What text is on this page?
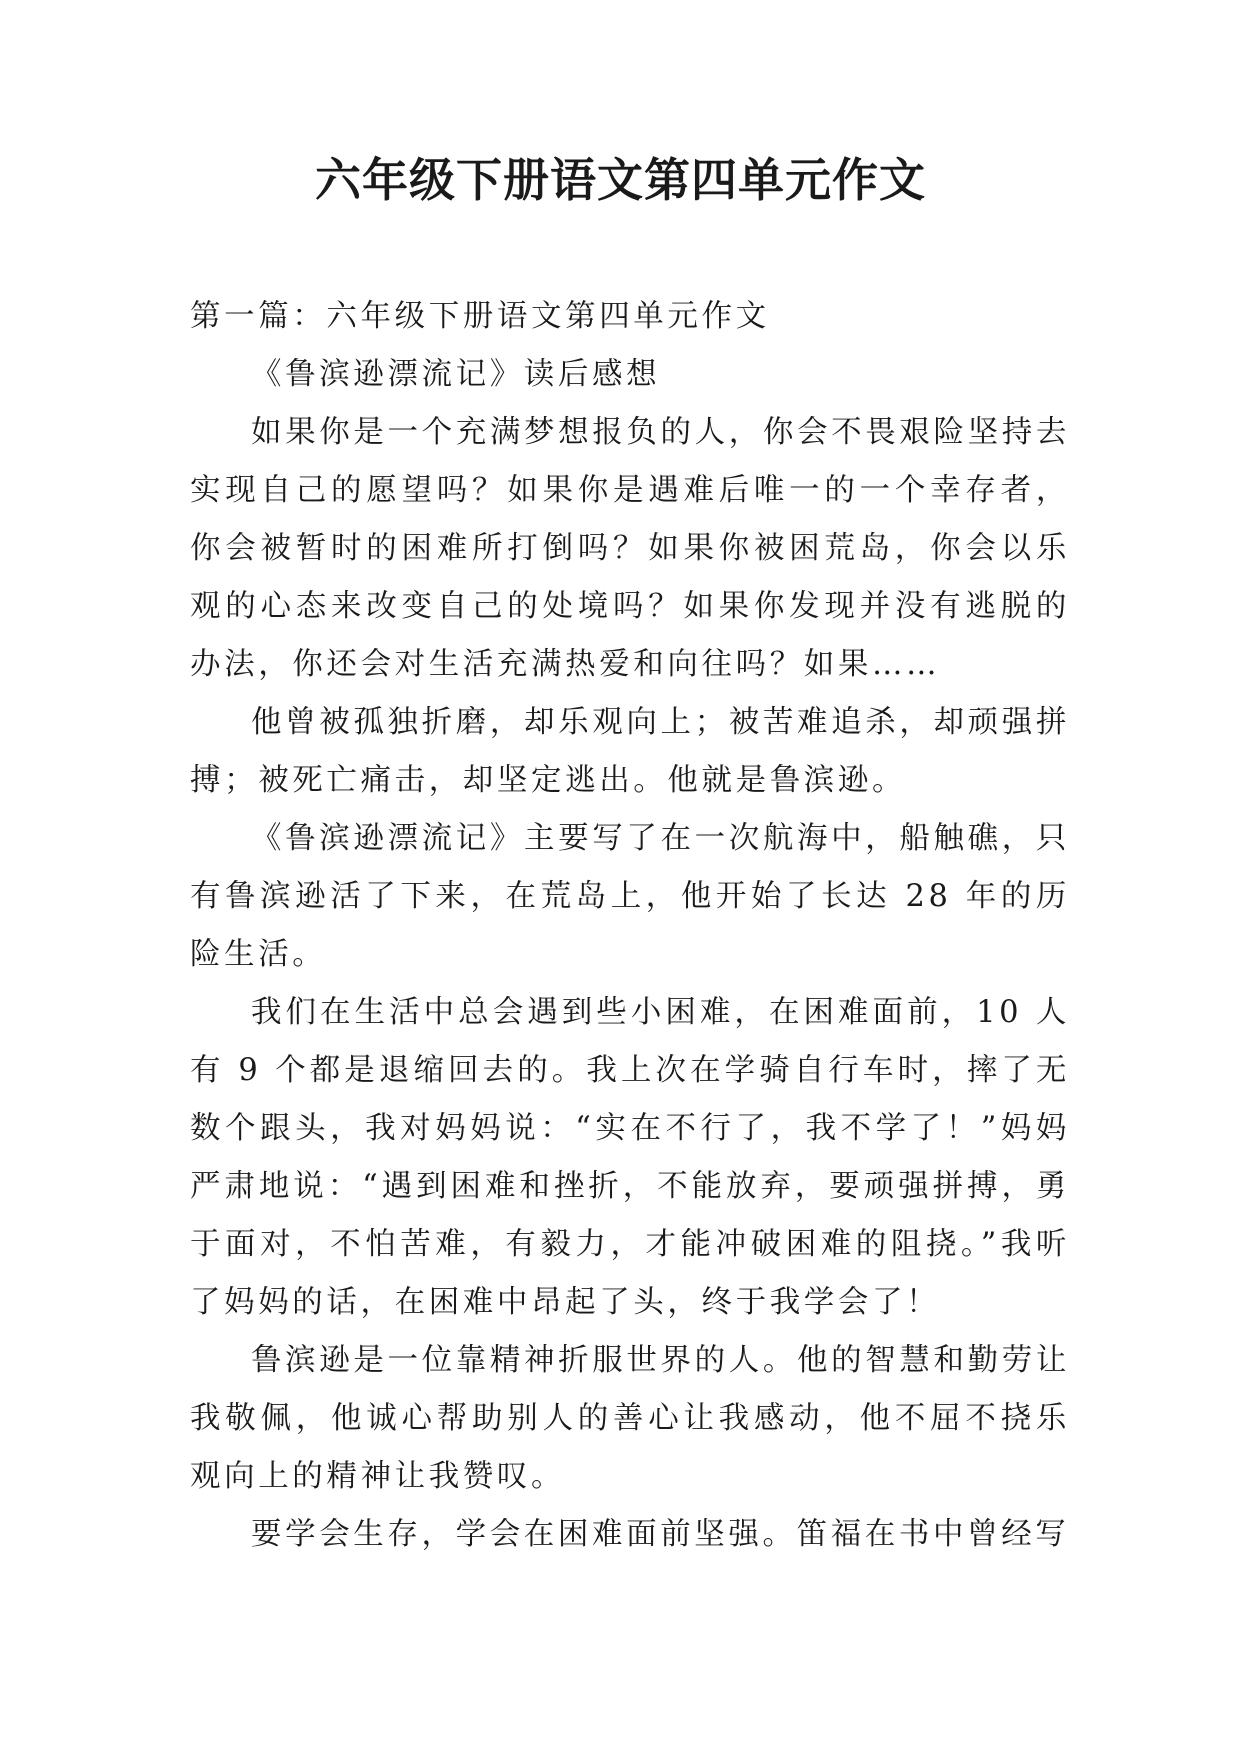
六年级下册语文第四单元作文

第一篇：六年级下册语文第四单元作文

《鲁滨逊漂流记》读后感想

如果你是一个充满梦想报负的人，你会不畏艰险坚持去实现自己的愿望吗？如果你是遇难后唯一的一个幸存者，你会被暂时的困难所打倒吗？如果你被困荒岛，你会以乐观的心态来改变自己的处境吗？如果你发现并没有逃脱的办法，你还会对生活充满热爱和向往吗？如果……

他曾被孤独折磨，却乐观向上；被苦难追杀，却顽强拼搏；被死亡痛击，却坚定逃出。他就是鲁滨逊。

《鲁滨逊漂流记》主要写了在一次航海中，船触礁，只有鲁滨逊活了下来，在荒岛上，他开始了长达 28 年的历险生活。

我们在生活中总会遇到些小困难，在困难面前，10 人有 9 个都是退缩回去的。我上次在学骑自行车时，摔了无数个跟头，我对妈妈说：“实在不行了，我不学了！”妈妈严肃地说：“遇到困难和挫折，不能放弃，要顽强拼搏，勇于面对，不怕苦难，有毅力，才能冲破困难的阻挠。”我听了妈妈的话，在困难中昂起了头，终于我学会了！

鲁滨逊是一位靠精神折服世界的人。他的智慧和勤劳让我敬佩，他诚心帮助别人的善心让我感动，他不屈不挠乐观向上的精神让我赞叹。

要学会生存，学会在困难面前坚强。笛福在书中曾经写
